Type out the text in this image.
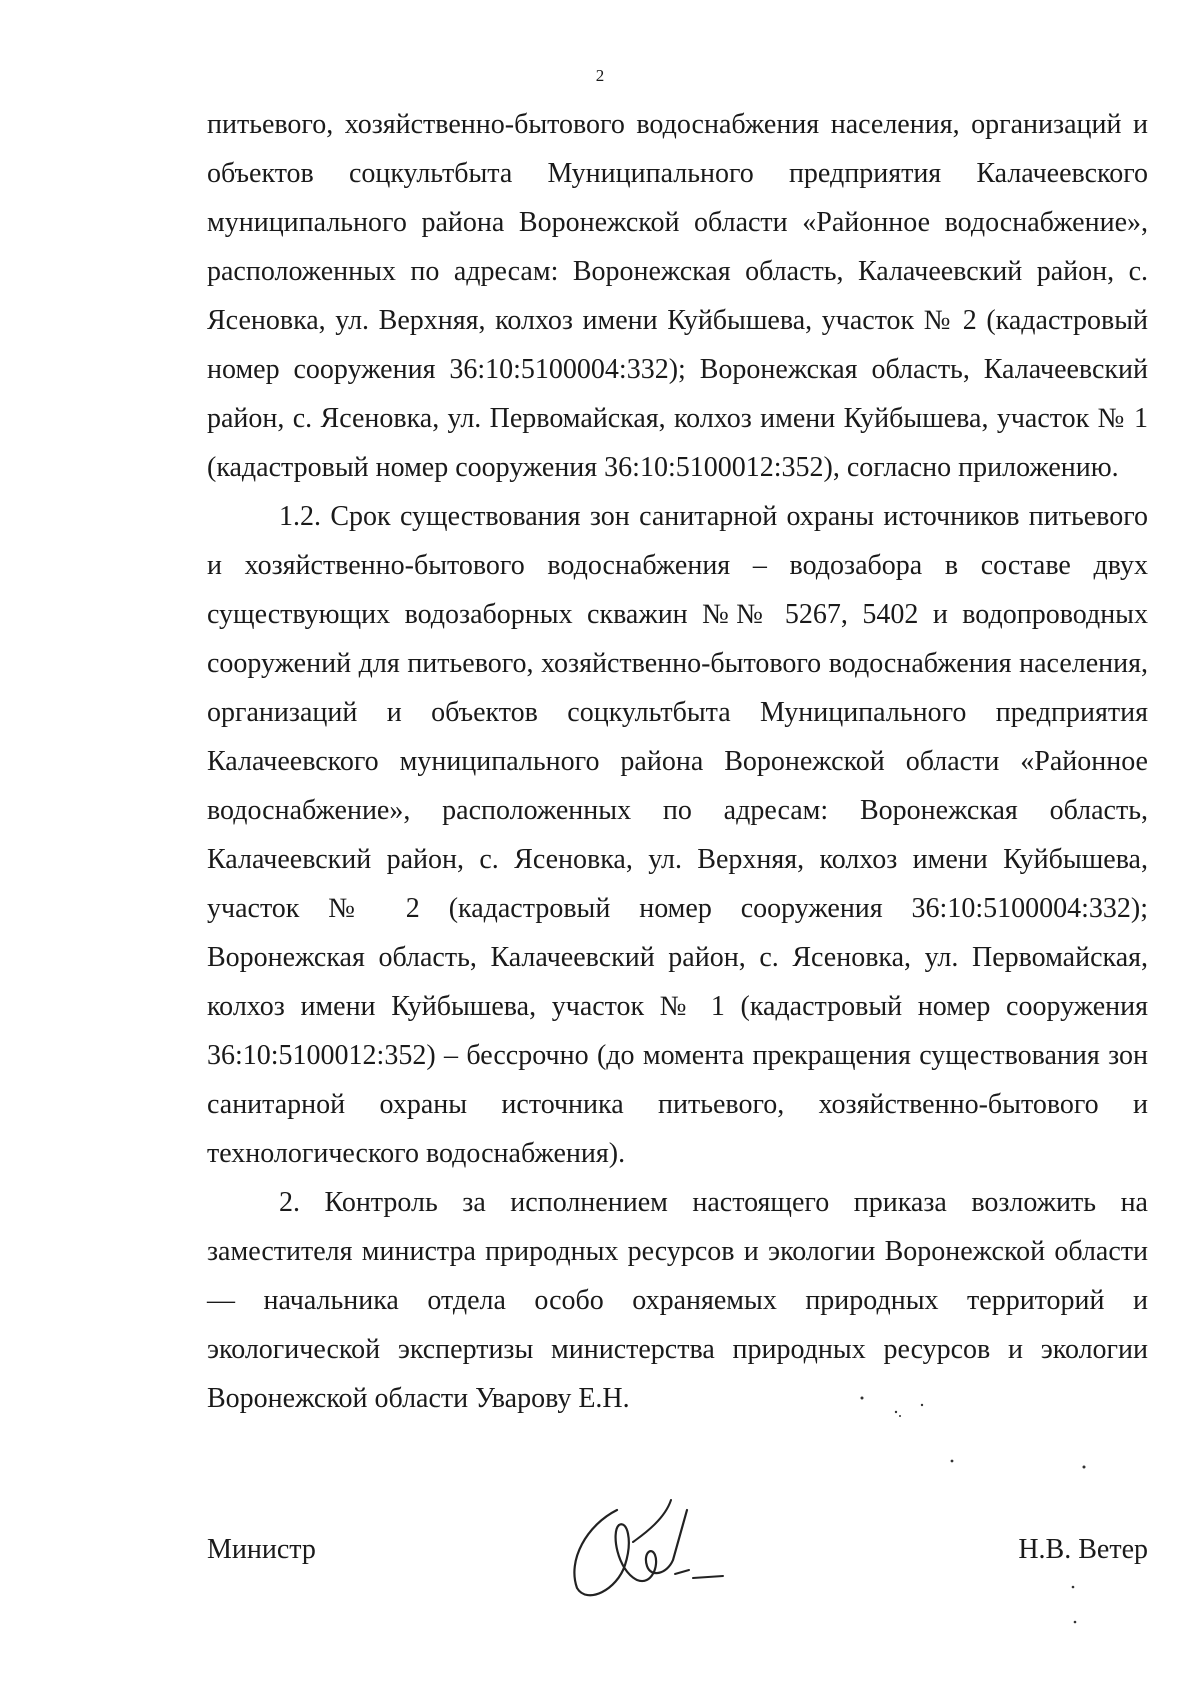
2

питьевого, хозяйственно-бытового водоснабжения населения, организаций и объектов соцкультбыта Муниципального предприятия Калачеевского муниципального района Воронежской области «Районное водоснабжение», расположенных по адресам: Воронежская область, Калачеевский район, с. Ясеновка, ул. Верхняя, колхоз имени Куйбышева, участок № 2 (кадастровый номер сооружения 36:10:5100004:332); Воронежская область, Калачеевский район, с. Ясеновка, ул. Первомайская, колхоз имени Куйбышева, участок № 1 (кадастровый номер сооружения 36:10:5100012:352), согласно приложению.

1.2. Срок существования зон санитарной охраны источников питьевого и хозяйственно-бытового водоснабжения – водозабора в составе двух существующих водозаборных скважин №№ 5267, 5402 и водопроводных сооружений для питьевого, хозяйственно-бытового водоснабжения населения, организаций и объектов соцкультбыта Муниципального предприятия Калачеевского муниципального района Воронежской области «Районное водоснабжение», расположенных по адресам: Воронежская область, Калачеевский район, с. Ясеновка, ул. Верхняя, колхоз имени Куйбышева, участок № 2 (кадастровый номер сооружения 36:10:5100004:332); Воронежская область, Калачеевский район, с. Ясеновка, ул. Первомайская, колхоз имени Куйбышева, участок № 1 (кадастровый номер сооружения 36:10:5100012:352) – бессрочно (до момента прекращения существования зон санитарной охраны источника питьевого, хозяйственно-бытового и технологического водоснабжения).

2. Контроль за исполнением настоящего приказа возложить на заместителя министра природных ресурсов и экологии Воронежской области — начальника отдела особо охраняемых природных территорий и экологической экспертизы министерства природных ресурсов и экологии Воронежской области Уварову Е.Н.

Министр	Н.В. Ветер
